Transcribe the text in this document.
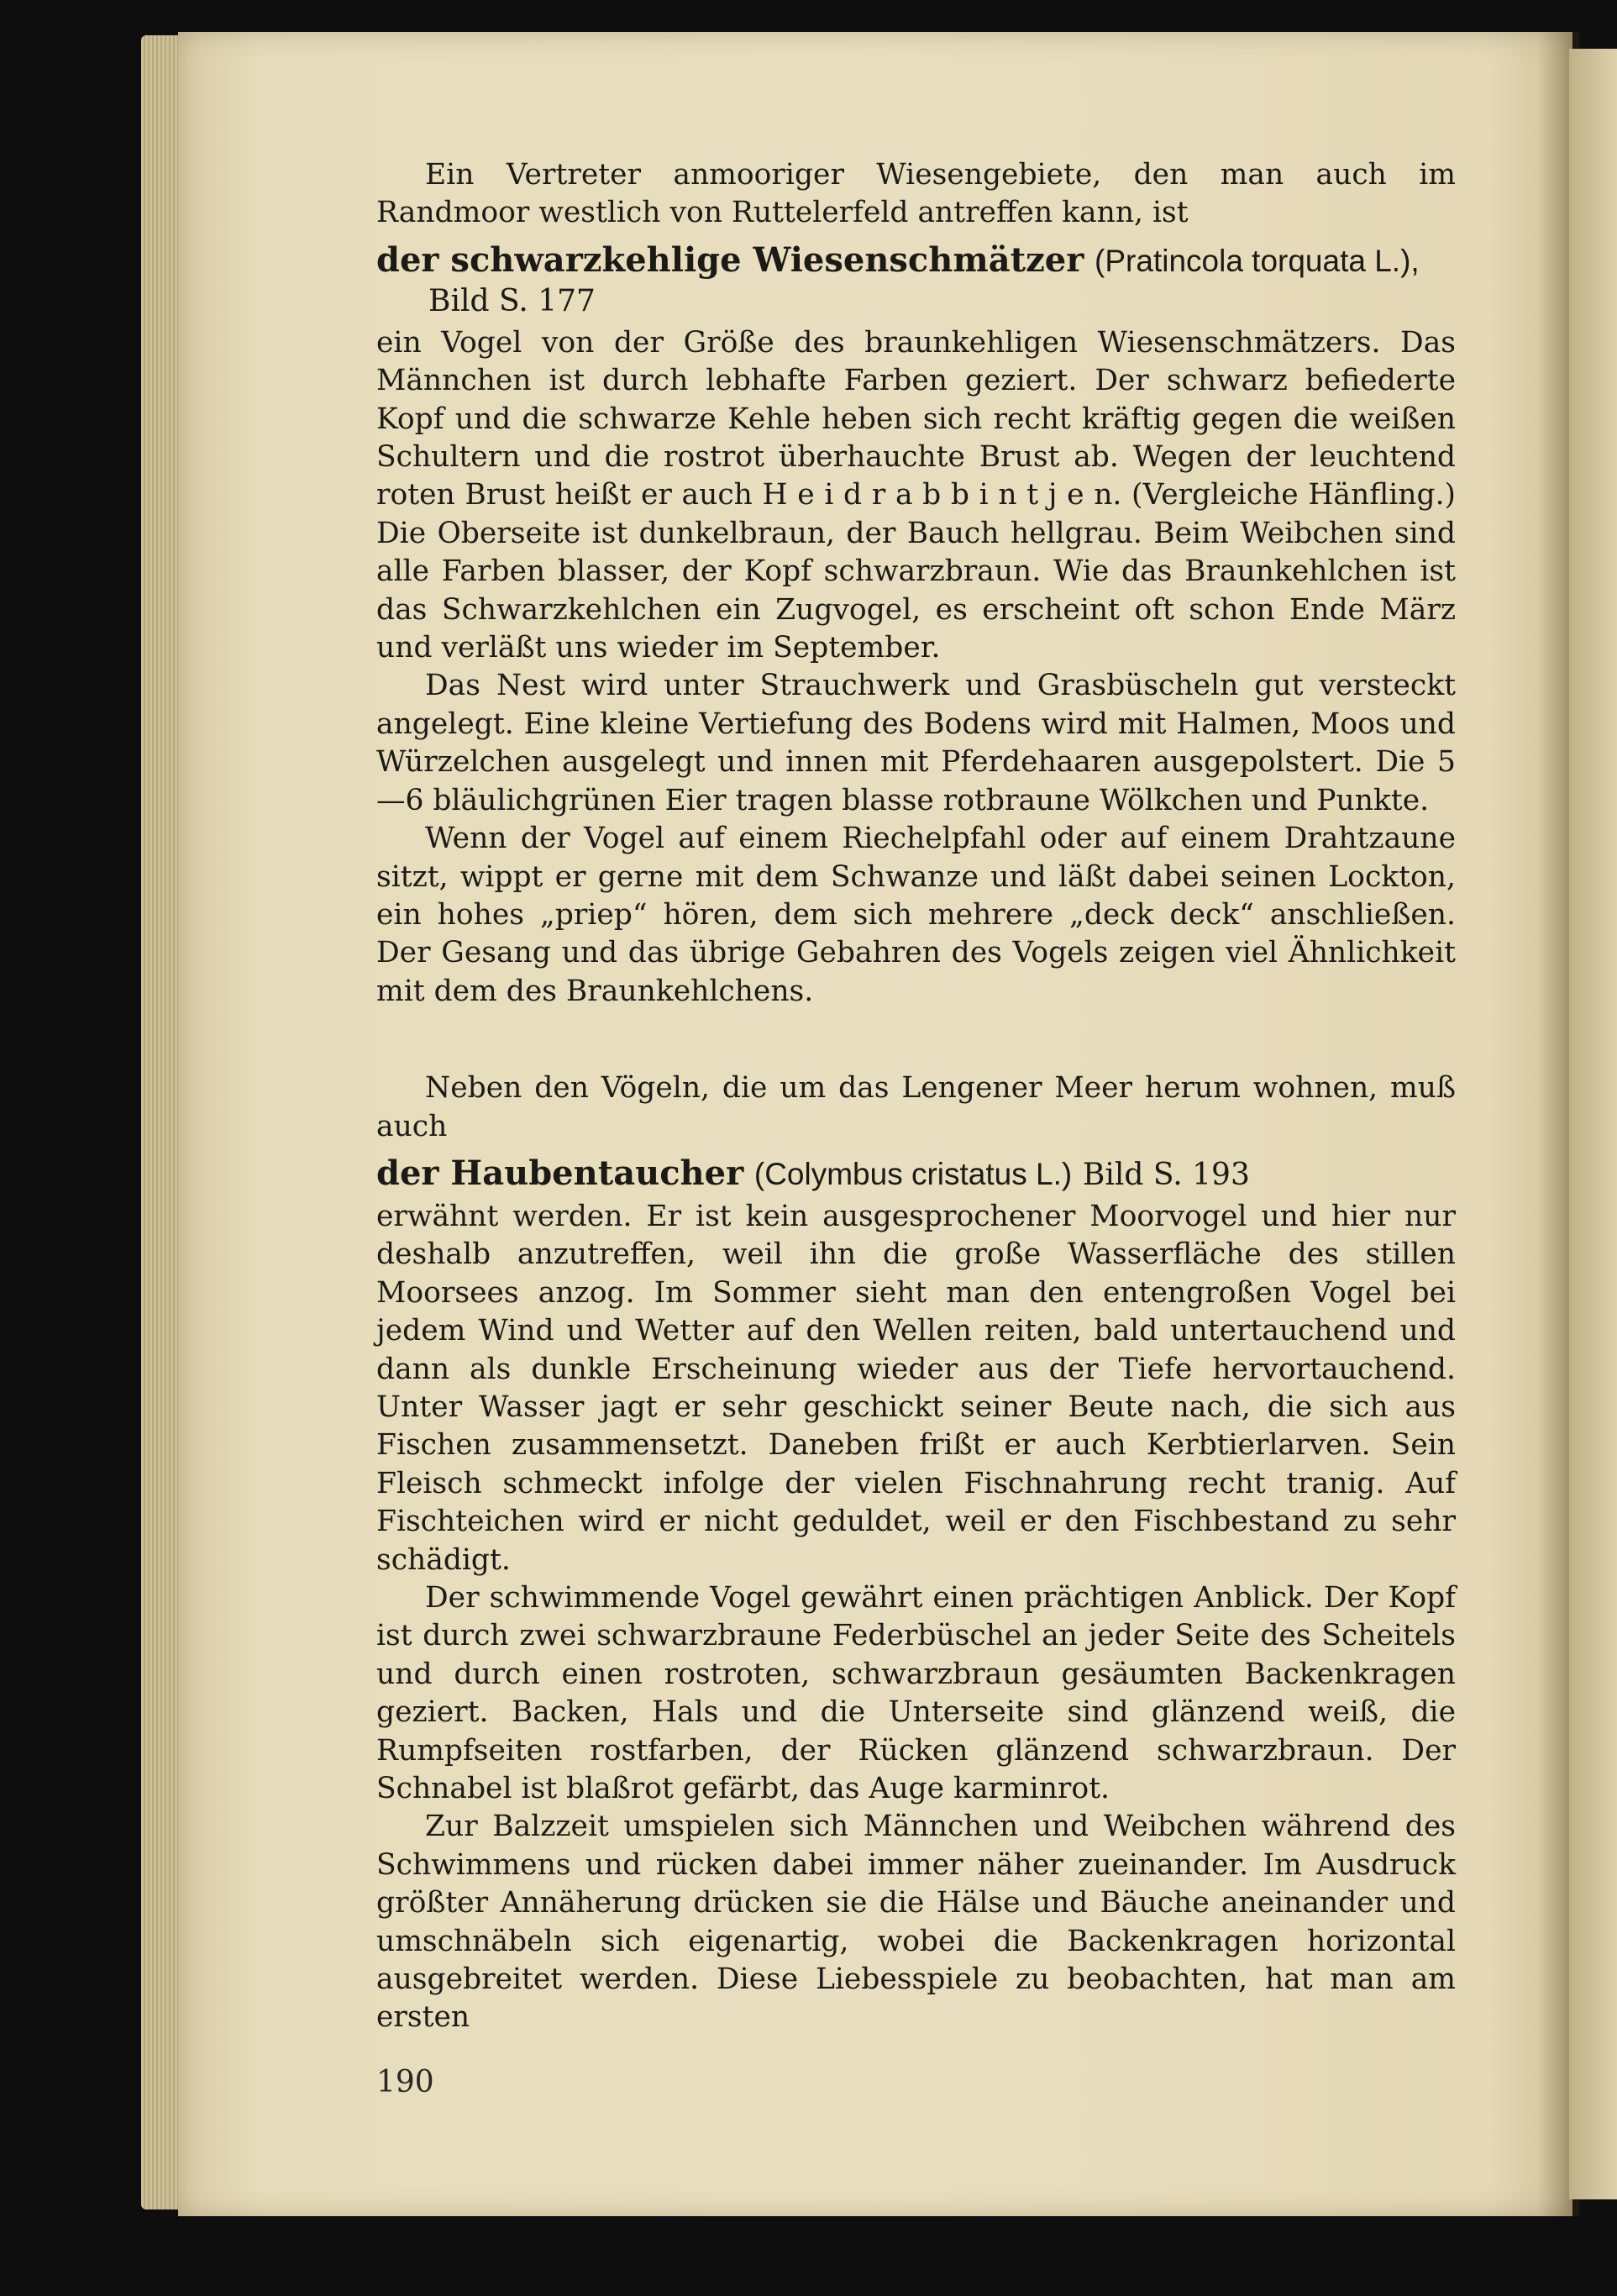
Ein Vertreter anmooriger Wiesengebiete, den man auch im Randmoor westlich von Ruttelerfeld antreffen kann, ist

der schwarzkehlige Wiesenschmätzer (Pratincola torquata L.), Bild S. 177

ein Vogel von der Größe des braunkehligen Wiesenschmätzers. Das Männchen ist durch lebhafte Farben geziert. Der schwarz befiederte Kopf und die schwarze Kehle heben sich recht kräftig gegen die weißen Schultern und die rostrot überhauchte Brust ab. Wegen der leuchtend roten Brust heißt er auch H e i d r a b b i n t j e n. (Vergleiche Hänfling.) Die Oberseite ist dunkelbraun, der Bauch hellgrau. Beim Weibchen sind alle Farben blasser, der Kopf schwarzbraun. Wie das Braunkehlchen ist das Schwarzkehlchen ein Zugvogel, es erscheint oft schon Ende März und verläßt uns wieder im September.

Das Nest wird unter Strauchwerk und Grasbüscheln gut versteckt angelegt. Eine kleine Vertiefung des Bodens wird mit Halmen, Moos und Würzelchen ausgelegt und innen mit Pferdehaaren ausgepolstert. Die 5—6 bläulichgrünen Eier tragen blasse rotbraune Wölkchen und Punkte.

Wenn der Vogel auf einem Riechelpfahl oder auf einem Drahtzaune sitzt, wippt er gerne mit dem Schwanze und läßt dabei seinen Lockton, ein hohes „priep“ hören, dem sich mehrere „deck deck“ anschließen. Der Gesang und das übrige Gebahren des Vogels zeigen viel Ähnlichkeit mit dem des Braunkehlchens.

Neben den Vögeln, die um das Lengener Meer herum wohnen, muß auch

der Haubentaucher (Colymbus cristatus L.) Bild S. 193

erwähnt werden. Er ist kein ausgesprochener Moorvogel und hier nur deshalb anzutreffen, weil ihn die große Wasserfläche des stillen Moorsees anzog. Im Sommer sieht man den entengroßen Vogel bei jedem Wind und Wetter auf den Wellen reiten, bald untertauchend und dann als dunkle Erscheinung wieder aus der Tiefe hervortauchend. Unter Wasser jagt er sehr geschickt seiner Beute nach, die sich aus Fischen zusammensetzt. Daneben frißt er auch Kerbtierlarven. Sein Fleisch schmeckt infolge der vielen Fischnahrung recht tranig. Auf Fischteichen wird er nicht geduldet, weil er den Fischbestand zu sehr schädigt.

Der schwimmende Vogel gewährt einen prächtigen Anblick. Der Kopf ist durch zwei schwarzbraune Federbüschel an jeder Seite des Scheitels und durch einen rostroten, schwarzbraun gesäumten Backenkragen geziert. Backen, Hals und die Unterseite sind glänzend weiß, die Rumpfseiten rostfarben, der Rücken glänzend schwarzbraun. Der Schnabel ist blaßrot gefärbt, das Auge karminrot.

Zur Balzzeit umspielen sich Männchen und Weibchen während des Schwimmens und rücken dabei immer näher zueinander. Im Ausdruck größter Annäherung drücken sie die Hälse und Bäuche aneinander und umschnäbeln sich eigenartig, wobei die Backenkragen horizontal ausgebreitet werden. Diese Liebesspiele zu beobachten, hat man am ersten

190
